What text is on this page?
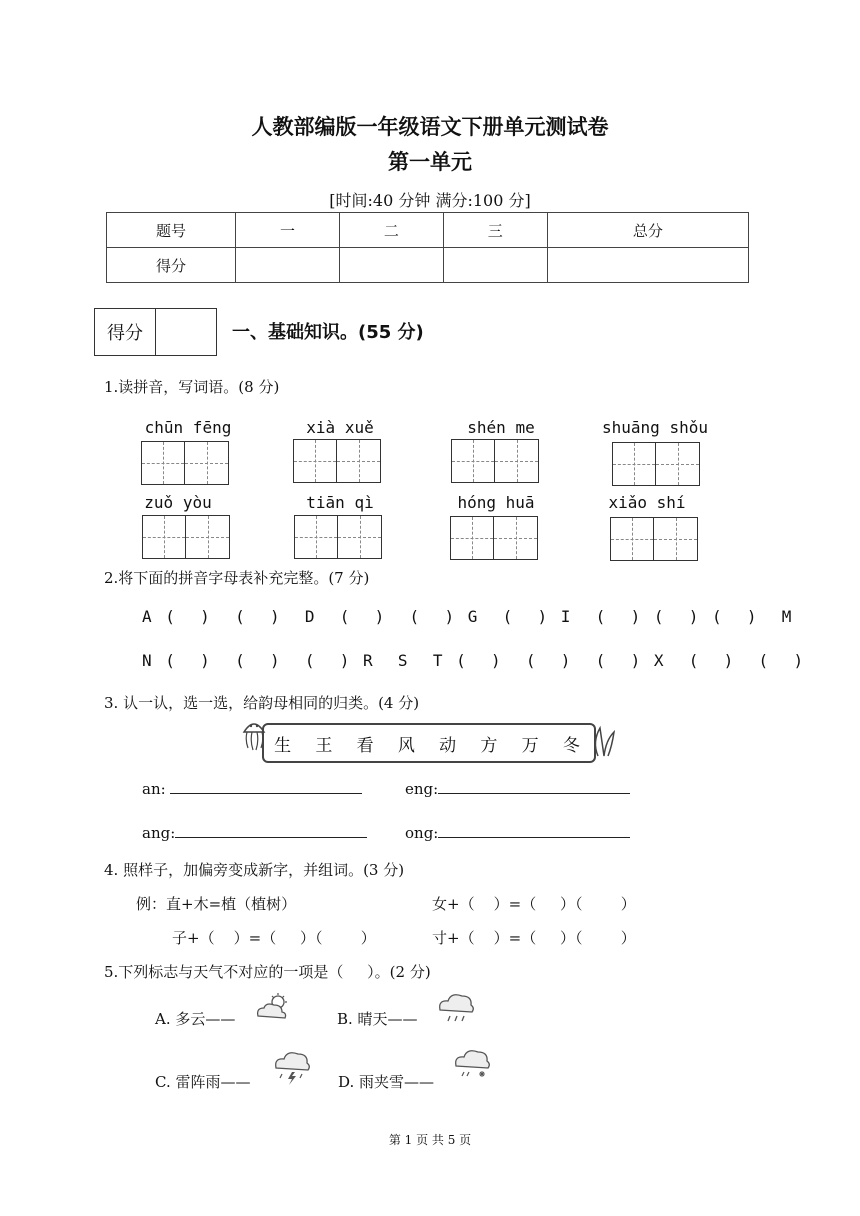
人教部编版一年级语文下册单元测试卷
第一单元
[时间:40 分钟 满分:100 分]
题号	一	二	三	总分
得分				
得分	一、基础知识。(55 分)
1.读拼音，写词语。(8 分)
chūn fēng	xià xuě	shén me	shuāng shǒu
zuǒ yòu	tiān qì	hóng huā	xiǎo shí
2.将下面的拼音字母表补充完整。(7 分)
A (  )  (  )  D  (  )  (  ) G  (  ) I  (  ) (  ) (  )  M
N (  )  (  )  (  ) R  S  T (  )  (  )  (  ) X  (  )  (  )
3. 认一认，选一选，给韵母相同的归类。(4 分)
生 王 看 风 动 方 万 冬
an:	eng:
ang:	ong:
4. 照样子，加偏旁变成新字，并组词。(3 分)
例：直+木=植（植树）	女+（    ）=（     ）（        ）
子+（    ）=（     ）（        ）	寸+（    ）=（     ）（        ）
5.下列标志与天气不对应的一项是（     ）。(2 分)
A. 多云——	B. 晴天——
C. 雷阵雨——	D. 雨夹雪——
第 1 页 共 5 页
